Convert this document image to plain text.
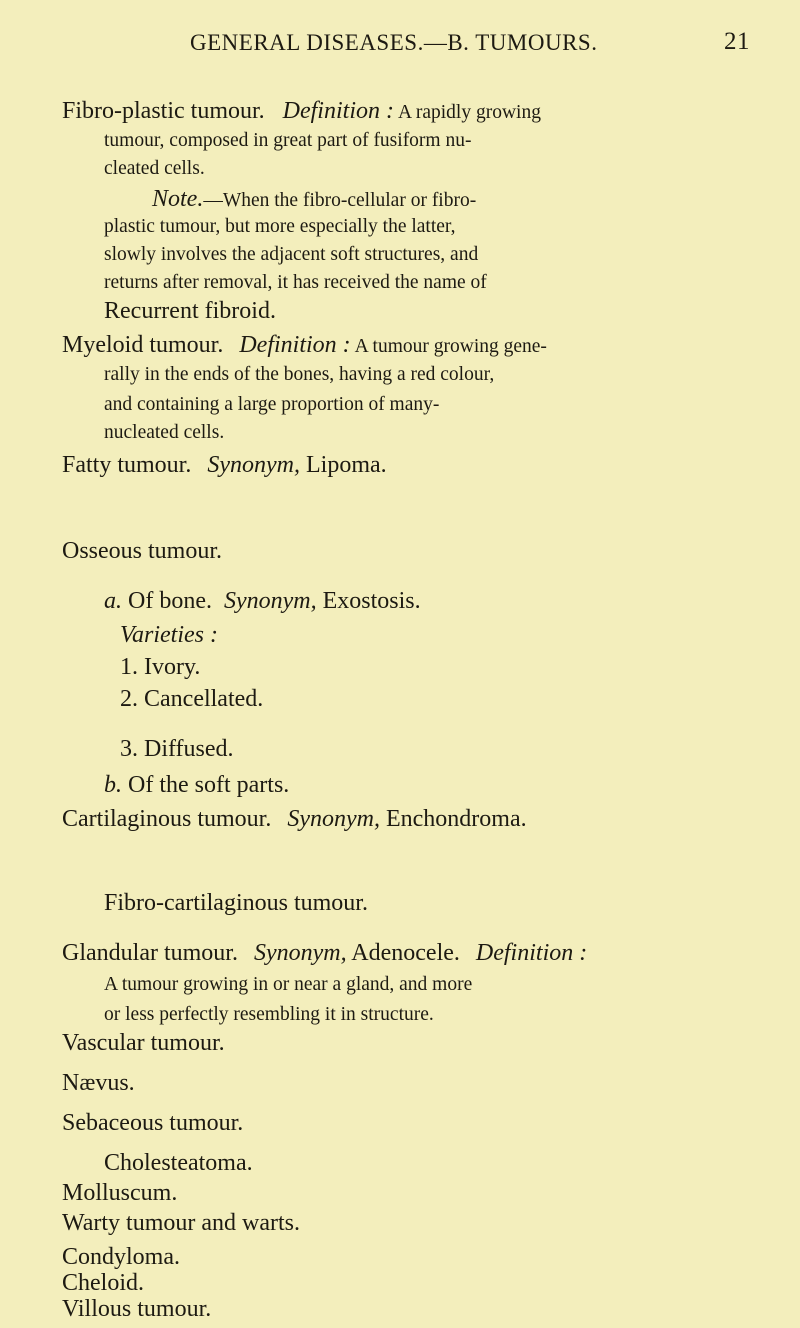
GENERAL DISEASES.—B. TUMOURS.	21
Fibro-plastic tumour. Definition : A rapidly growing
tumour, composed in great part of fusiform nu-
cleated cells.
Note.—When the fibro-cellular or fibro-
plastic tumour, but more especially the latter,
slowly involves the adjacent soft structures, and
returns after removal, it has received the name of
Recurrent fibroid.
Myeloid tumour. Definition : A tumour growing gene-
rally in the ends of the bones, having a red colour,
and containing a large proportion of many-
nucleated cells.
Fatty tumour. Synonym, Lipoma.
Osseous tumour.
a. Of bone. Synonym, Exostosis.
Varieties :
1. Ivory.
2. Cancellated.
3. Diffused.
b. Of the soft parts.
Cartilaginous tumour. Synonym, Enchondroma.
Fibro-cartilaginous tumour.
Glandular tumour. Synonym, Adenocele. Definition :
A tumour growing in or near a gland, and more
or less perfectly resembling it in structure.
Vascular tumour.
Nævus.
Sebaceous tumour.
Cholesteatoma.
Molluscum.
Warty tumour and warts.
Condyloma.
Cheloid.
Villous tumour.
